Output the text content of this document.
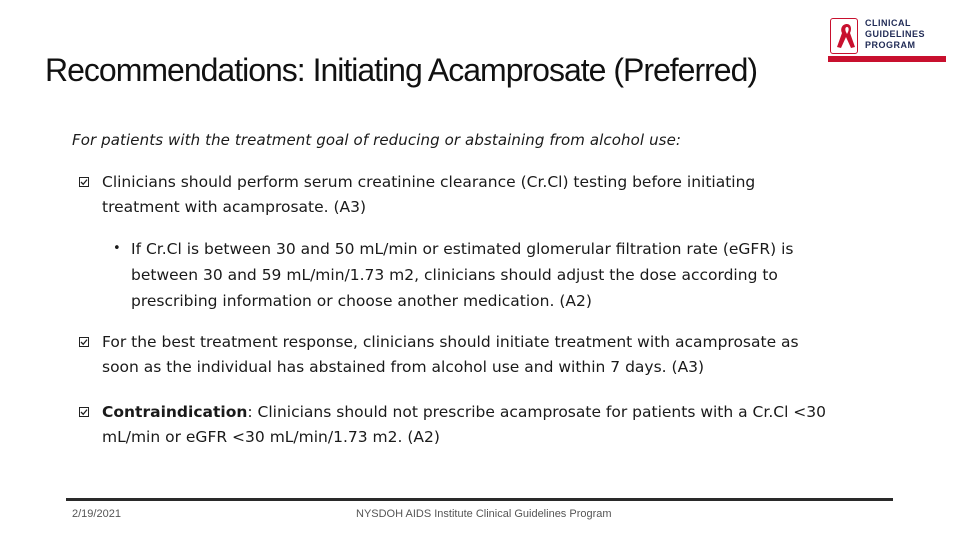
Recommendations: Initiating Acamprosate (Preferred)
CLINICAL
GUIDELINES
PROGRAM
For patients with the treatment goal of reducing or abstaining from alcohol use:
Clinicians should perform serum creatinine clearance (Cr.Cl) testing before initiating treatment with acamprosate. (A3)
• If Cr.Cl is between 30 and 50 mL/min or estimated glomerular filtration rate (eGFR) is between 30 and 59 mL/min/1.73 m2, clinicians should adjust the dose according to prescribing information or choose another medication. (A2)
For the best treatment response, clinicians should initiate treatment with acamprosate as soon as the individual has abstained from alcohol use and within 7 days. (A3)
Contraindication: Clinicians should not prescribe acamprosate for patients with a Cr.Cl <30 mL/min or eGFR <30 mL/min/1.73 m2. (A2)
2/19/2021	NYSDOH AIDS Institute Clinical Guidelines Program
